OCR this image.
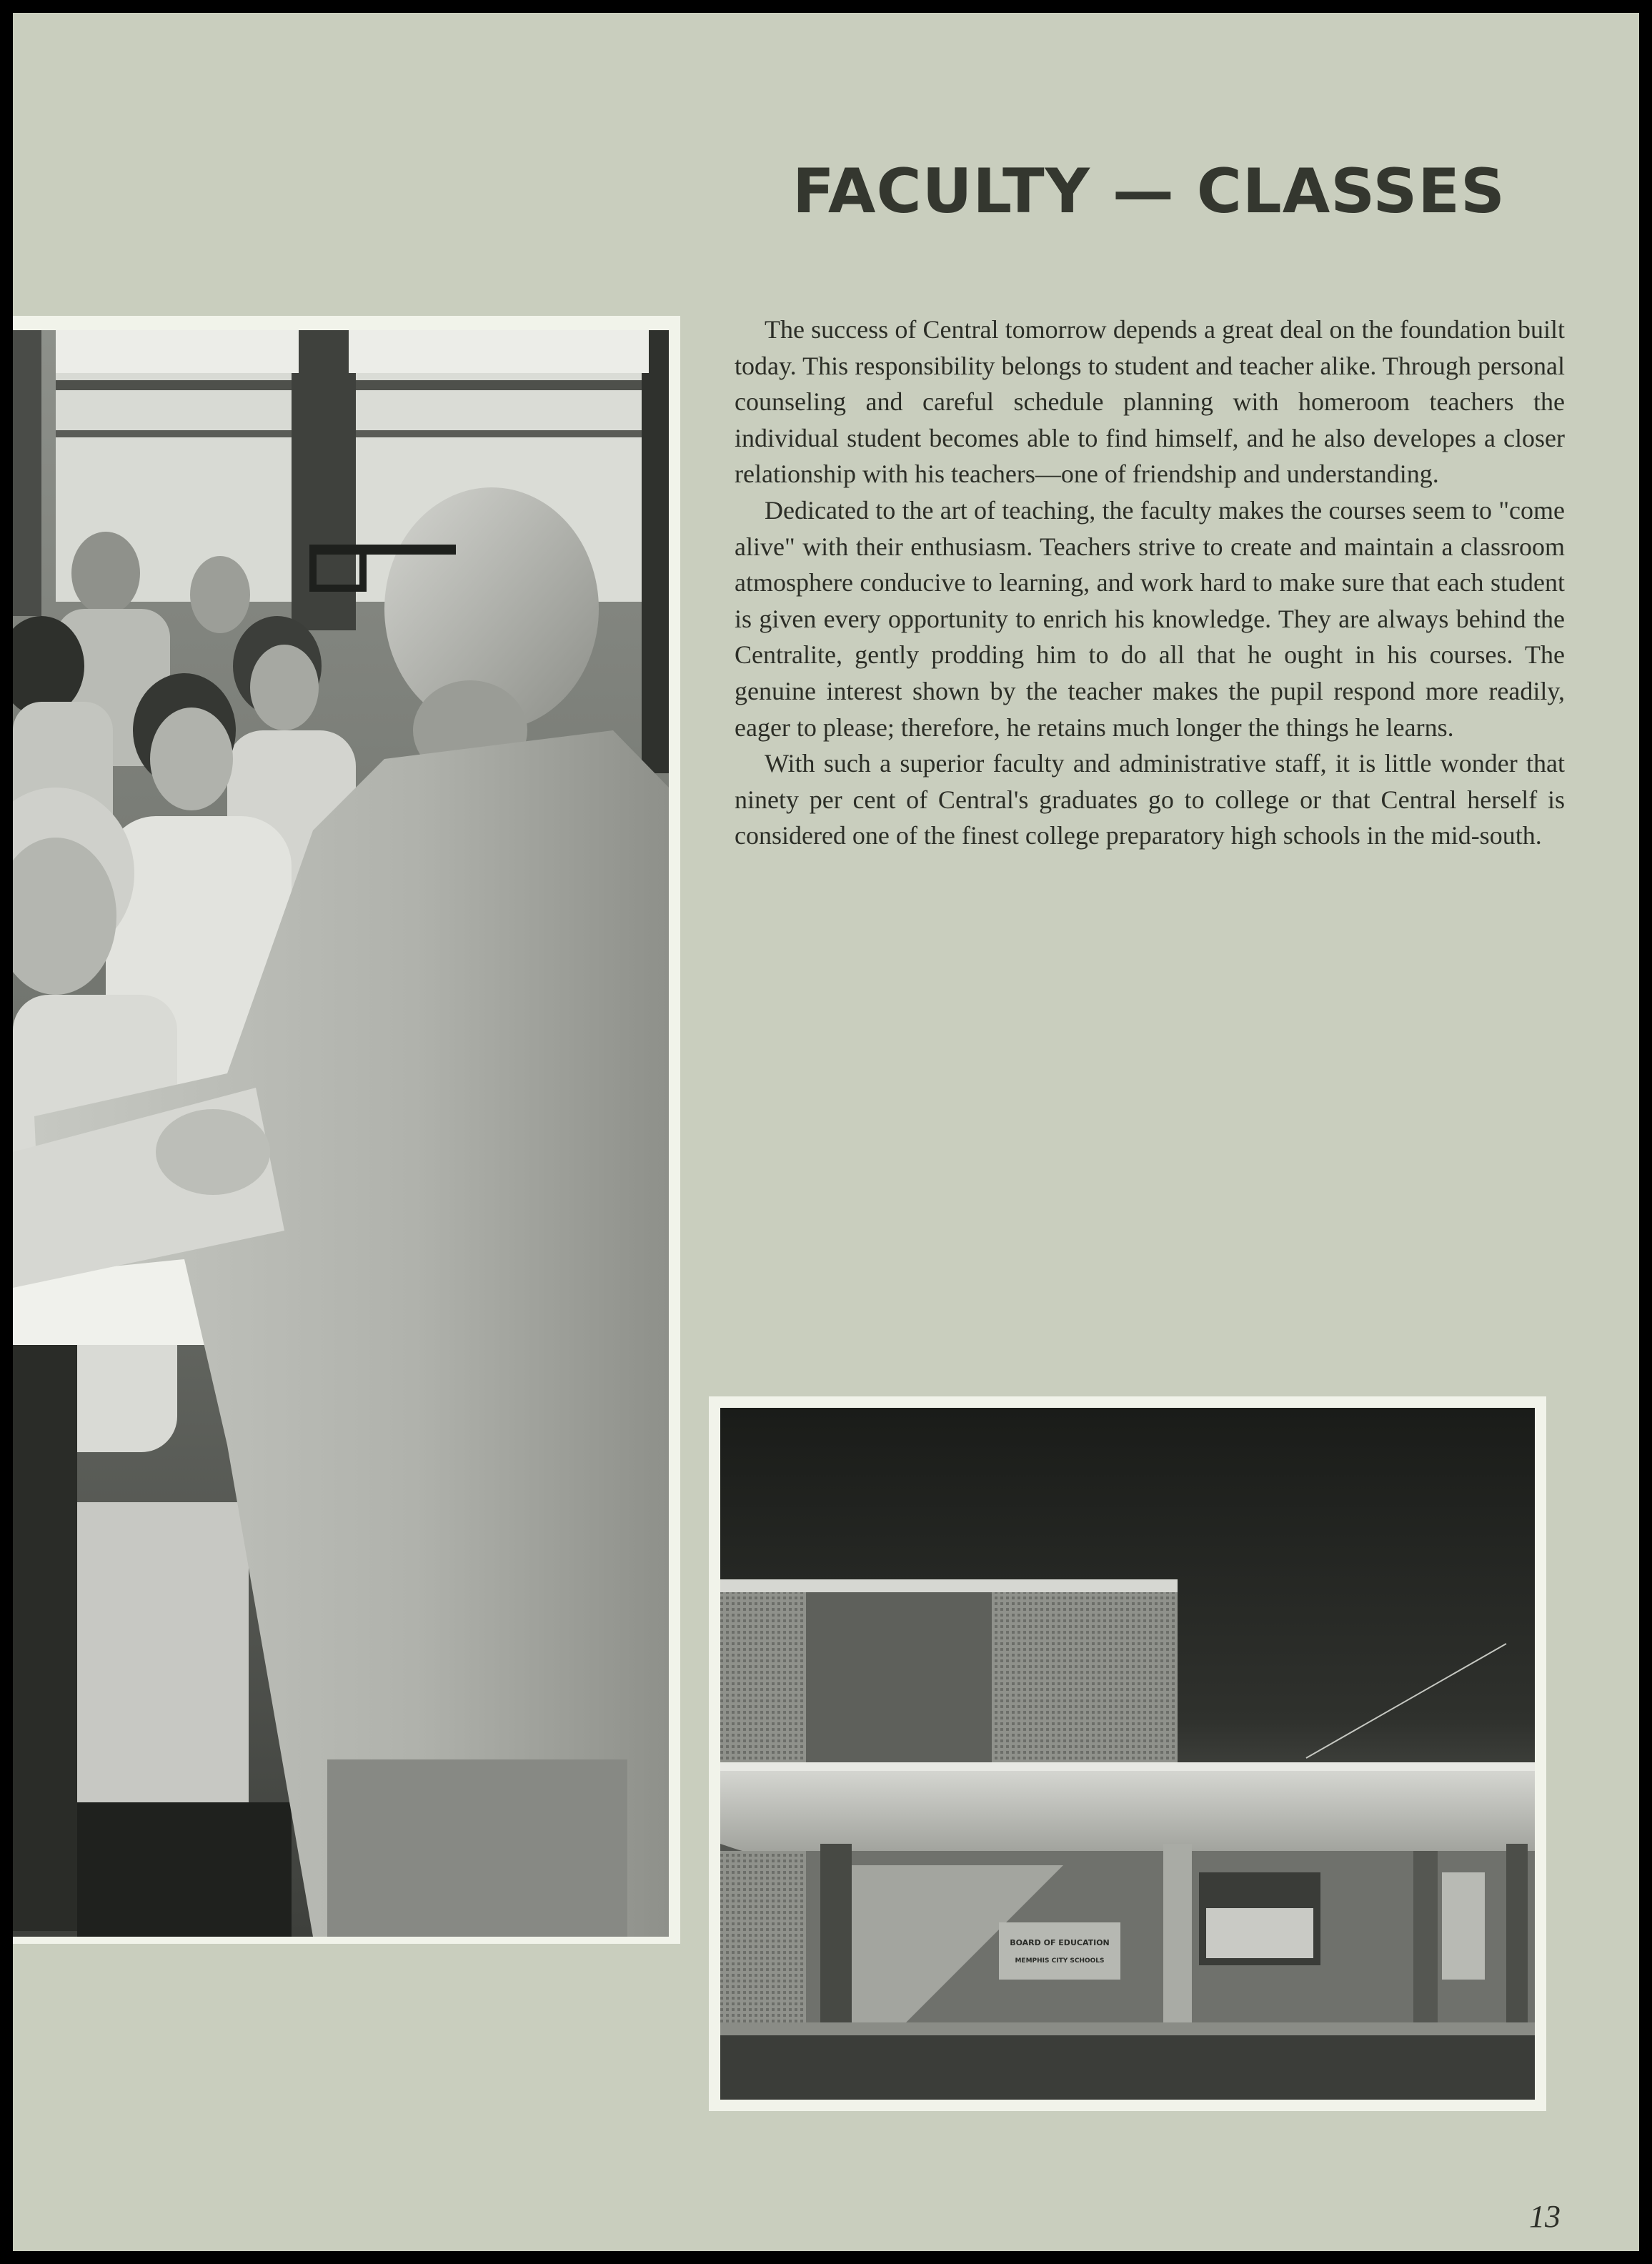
FACULTY — CLASSES

The success of Central tomorrow depends a great deal on the foundation built today. This responsibility belongs to student and teacher alike. Through personal counseling and careful schedule planning with homeroom teachers the individual student becomes able to find himself, and he also developes a closer relationship with his teachers—one of friendship and understanding.

Dedicated to the art of teaching, the faculty makes the courses seem to "come alive" with their enthusiasm. Teachers strive to create and maintain a classroom atmosphere conducive to learning, and work hard to make sure that each student is given every opportunity to enrich his knowledge. They are always behind the Centralite, gently prodding him to do all that he ought in his courses. The genuine interest shown by the teacher makes the pupil respond more readily, eager to please; therefore, he retains much longer the things he learns.

With such a superior faculty and administrative staff, it is little wonder that ninety per cent of Central's graduates go to college or that Central herself is considered one of the finest college preparatory high schools in the mid-south.

BOARD OF EDUCATION
MEMPHIS CITY SCHOOLS
13
